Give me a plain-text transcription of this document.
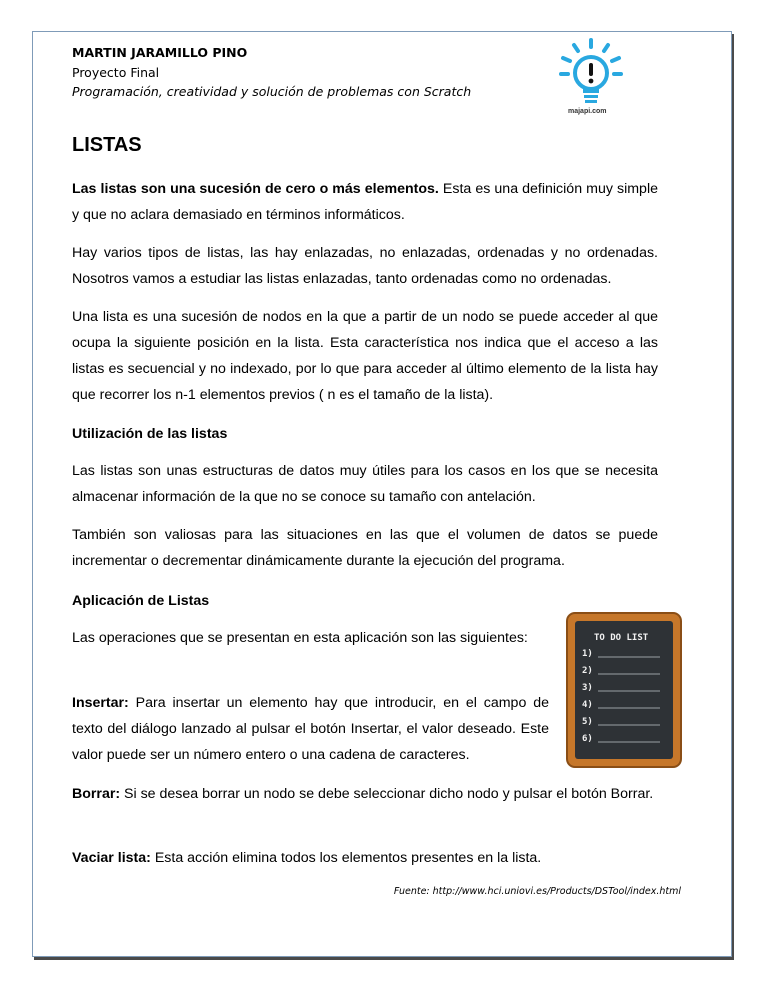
MARTIN JARAMILLO PINO
Proyecto Final
Programación, creatividad y solución de problemas con Scratch
majapi.com
LISTAS

Las listas son una sucesión de cero o más elementos. Esta es una definición muy simple y que no aclara demasiado en términos informáticos.

Hay varios tipos de listas, las hay enlazadas, no enlazadas, ordenadas y no ordenadas. Nosotros vamos a estudiar las listas enlazadas, tanto ordenadas como no ordenadas.

Una lista es una sucesión de nodos en la que a partir de un nodo se puede acceder al que ocupa la siguiente posición en la lista. Esta característica nos indica que el acceso a las listas es secuencial y no indexado, por lo que para acceder al último elemento de la lista hay que recorrer los n-1 elementos previos ( n es el tamaño de la lista).

Utilización de las listas

Las listas son unas estructuras de datos muy útiles para los casos en los que se necesita almacenar información de la que no se conoce su tamaño con antelación.

También son valiosas para las situaciones en las que el volumen de datos se puede incrementar o decrementar dinámicamente durante la ejecución del programa.

Aplicación de Listas

Las operaciones que se presentan en esta aplicación son las siguientes:

Insertar: Para insertar un elemento hay que introducir, en el campo de texto del diálogo lanzado al pulsar el botón Insertar, el valor deseado. Este valor puede ser un número entero o una cadena de caracteres.

Borrar: Si se desea borrar un nodo se debe seleccionar dicho nodo y pulsar el botón Borrar.

Vaciar lista: Esta acción elimina todos los elementos presentes en la lista.

TO DO LIST
1)
2)
3)
4)
5)
6)
Fuente: http://www.hci.uniovi.es/Products/DSTool/index.html
